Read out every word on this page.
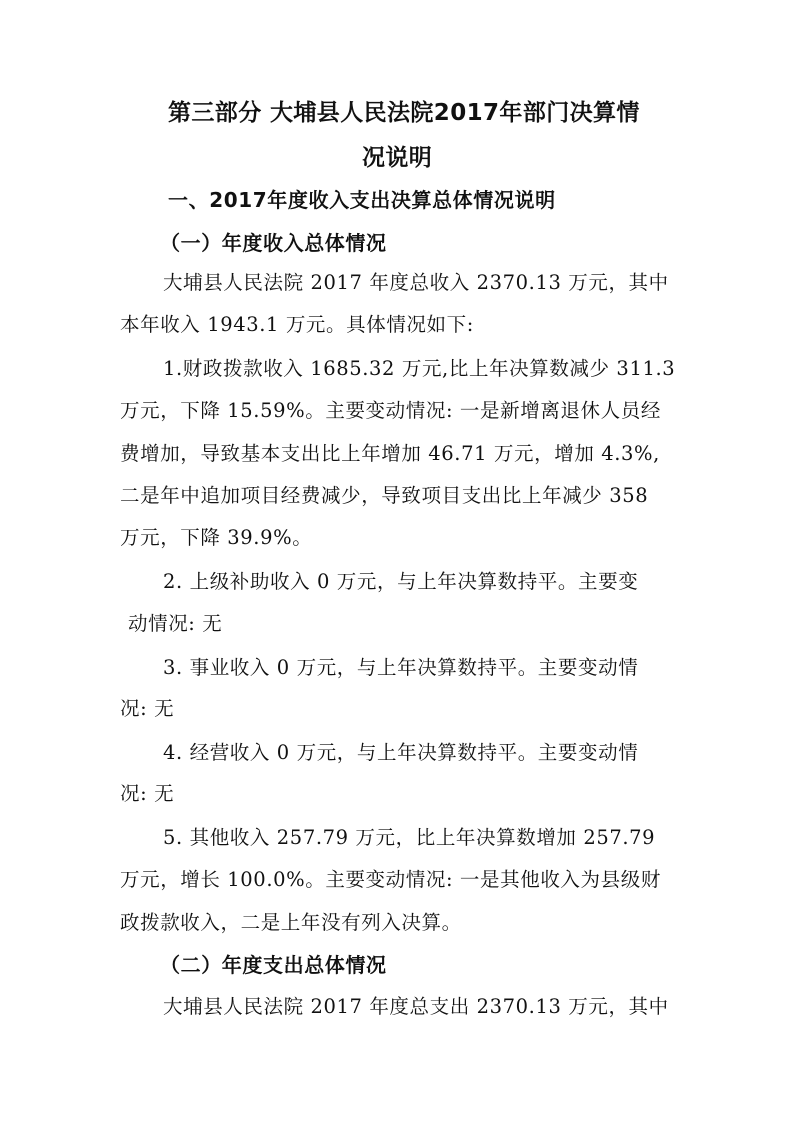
第三部分 大埔县人民法院2017年部门决算情
况说明
一、2017年度收入支出决算总体情况说明
（一）年度收入总体情况
大埔县人民法院 2017 年度总收入 2370.13 万元，其中
本年收入 1943.1 万元。具体情况如下:
1.财政拨款收入 1685.32 万元,比上年决算数减少 311.3
万元，下降 15.59%。主要变动情况: 一是新增离退休人员经
费增加，导致基本支出比上年增加 46.71 万元，增加 4.3%,
二是年中追加项目经费减少，导致项目支出比上年减少 358
万元，下降 39.9%。
2. 上级补助收入 0 万元，与上年决算数持平。主要变
动情况: 无
3. 事业收入 0 万元，与上年决算数持平。主要变动情
况: 无
4. 经营收入 0 万元，与上年决算数持平。主要变动情
况: 无
5. 其他收入 257.79 万元，比上年决算数增加 257.79
万元，增长 100.0%。主要变动情况: 一是其他收入为县级财
政拨款收入，二是上年没有列入决算。
（二）年度支出总体情况
大埔县人民法院 2017 年度总支出 2370.13 万元，其中
